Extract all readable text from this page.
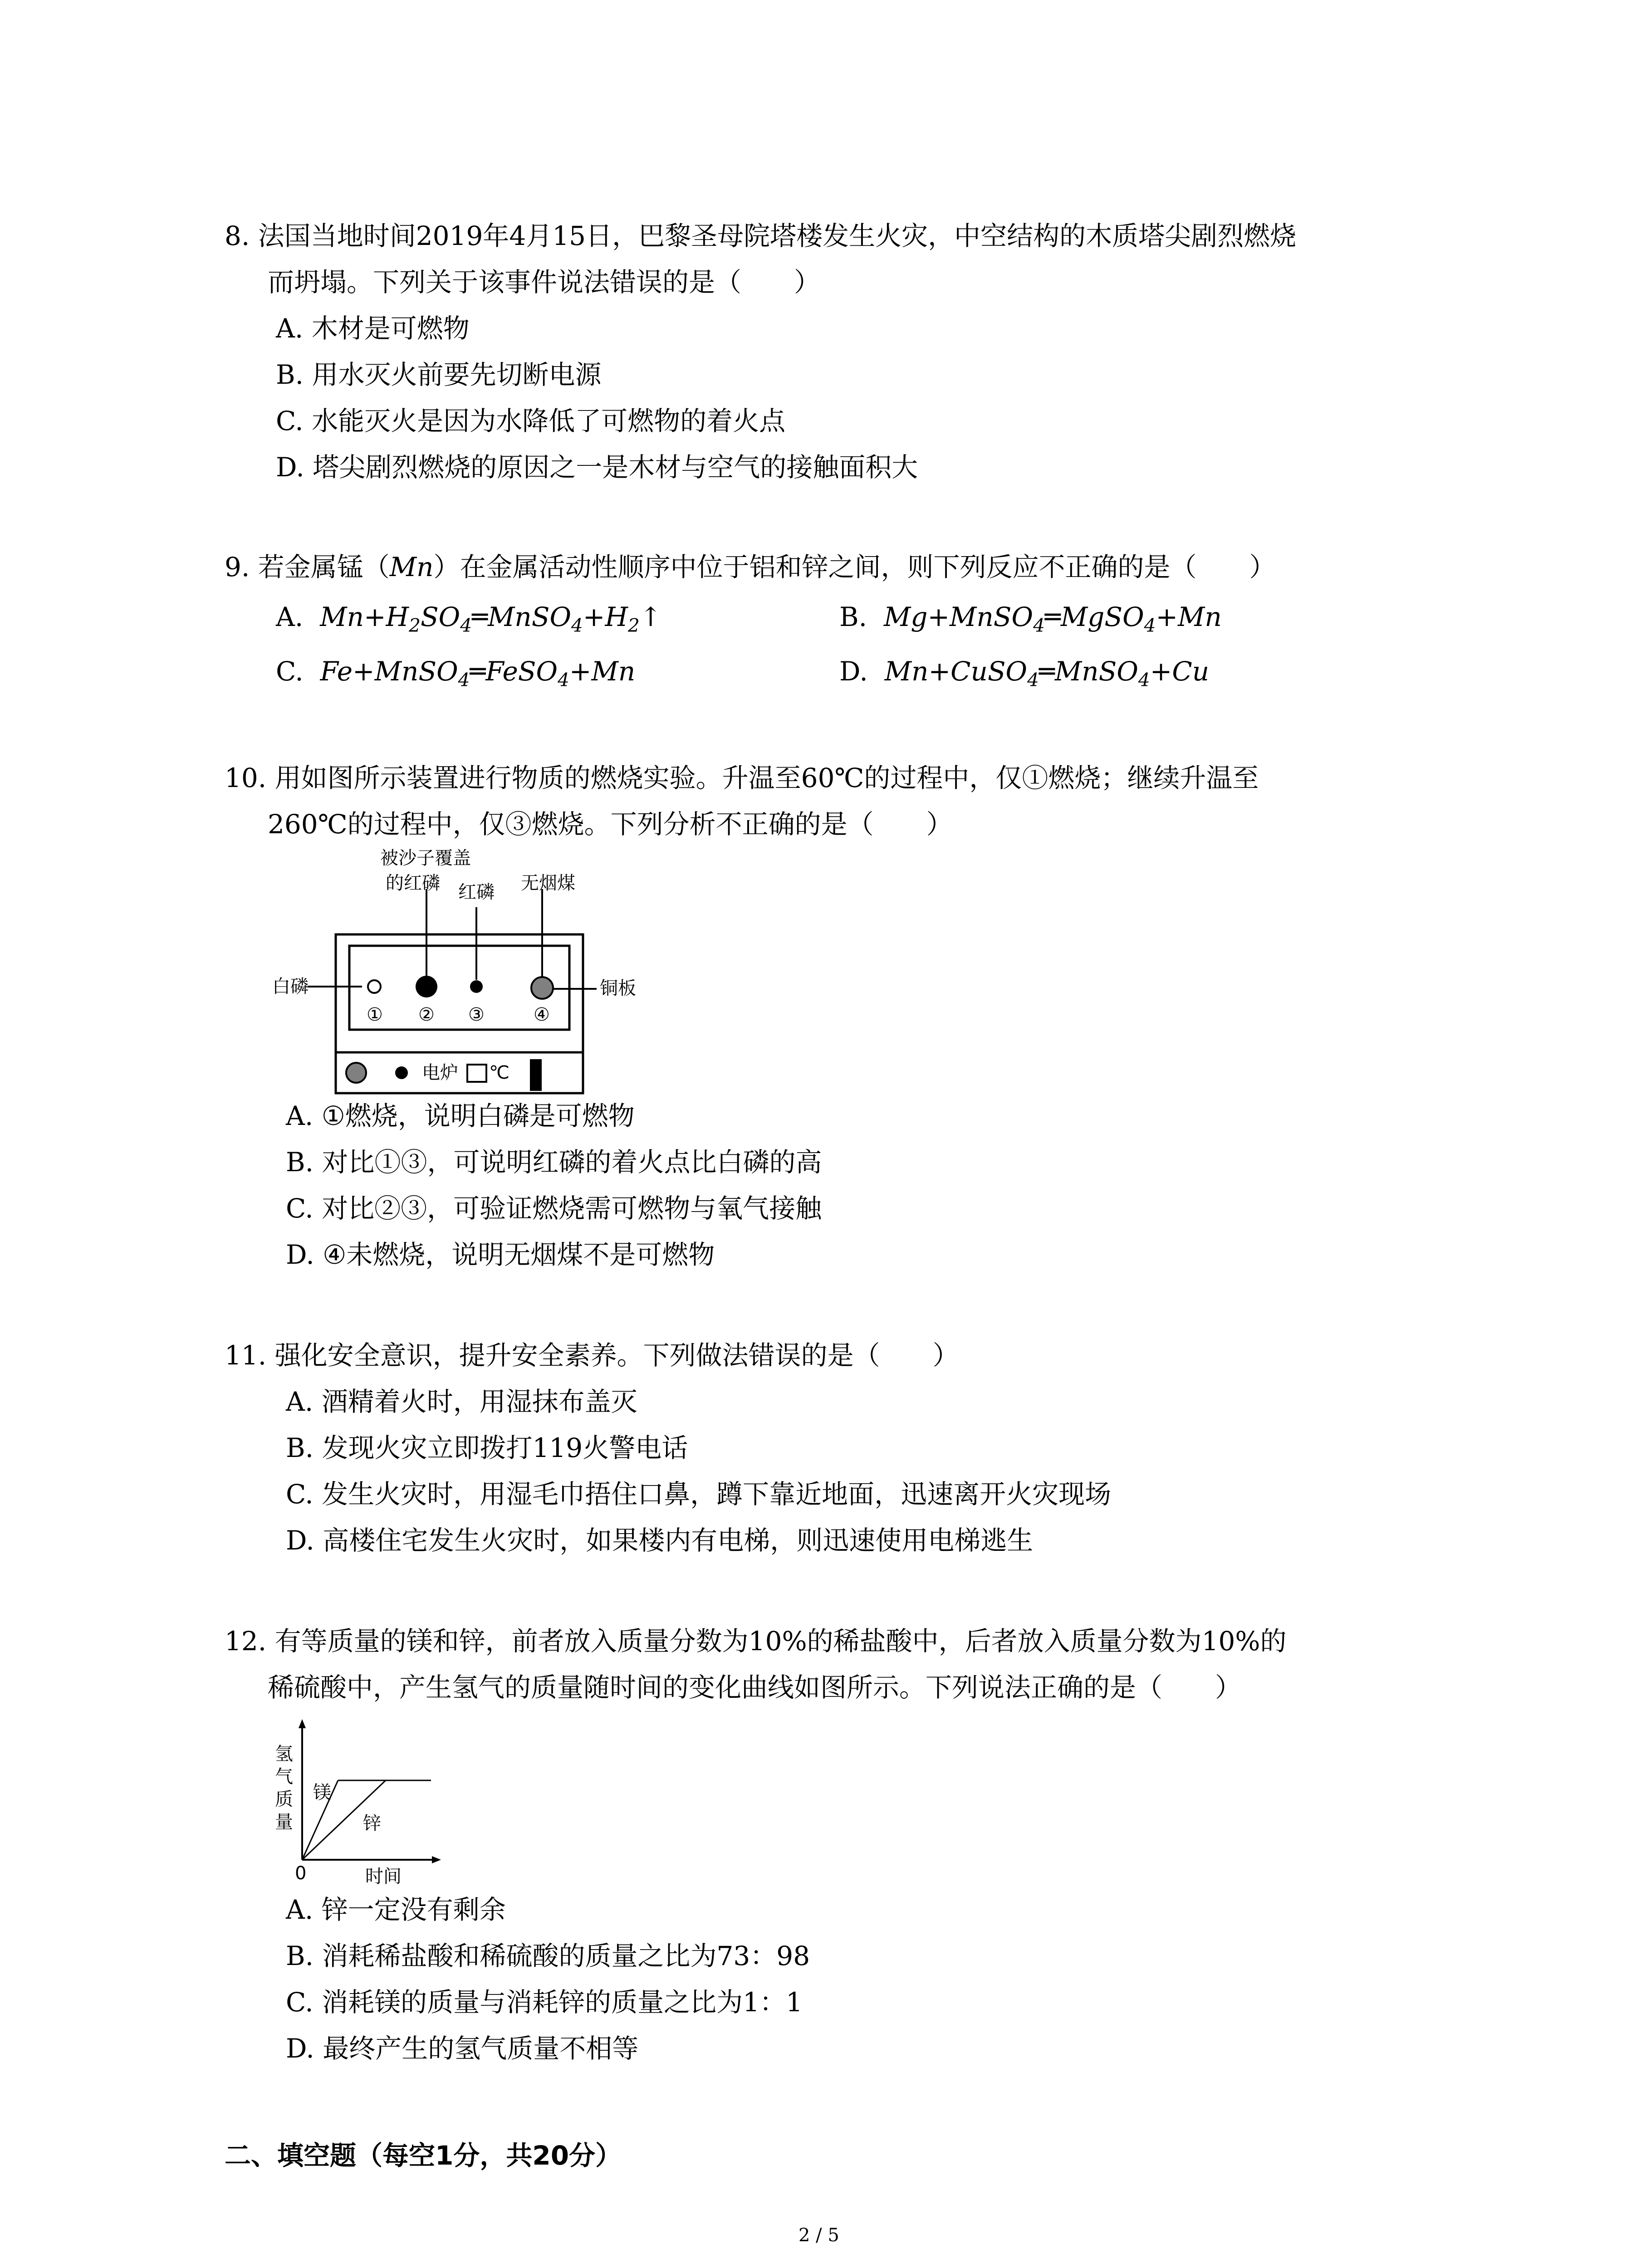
8. 法国当地时间2019年4月15日，巴黎圣母院塔楼发生火灾，中空结构的木质塔尖剧烈燃烧
而坍塌。下列关于该事件说法错误的是（　　）
A. 木材是可燃物
B. 用水灭火前要先切断电源
C. 水能灭火是因为水降低了可燃物的着火点
D. 塔尖剧烈燃烧的原因之一是木材与空气的接触面积大
9. 若金属锰（Mn）在金属活动性顺序中位于铝和锌之间，则下列反应不正确的是（　　）
A. $Mn+H_2SO_4═MnSO_4+H_2↑$	B. Mg+MnSO$_4$═MgSO$_4$+Mn
C. Fe+MnSO$_4$═FeSO$_4$+Mn	D. Mn+CuSO$_4$═MnSO$_4$+Cu
10. 用如图所示装置进行物质的燃烧实验。升温至60℃的过程中，仅①燃烧；继续升温至
260℃的过程中，仅③燃烧。下列分析不正确的是（　　）
被沙子覆盖
的红磷 红磷 无烟煤
白磷	铜板
① ② ③	④
电炉 ℃
A. ①燃烧，说明白磷是可燃物
B. 对比①③，可说明红磷的着火点比白磷的高
C. 对比②③，可验证燃烧需可燃物与氧气接触
D. ④未燃烧，说明无烟煤不是可燃物
11. 强化安全意识，提升安全素养。下列做法错误的是（　　）
A. 酒精着火时，用湿抹布盖灭
B. 发现火灾立即拨打119火警电话
C. 发生火灾时，用湿毛巾捂住口鼻，蹲下靠近地面，迅速离开火灾现场
D. 高楼住宅发生火灾时，如果楼内有电梯，则迅速使用电梯逃生
12. 有等质量的镁和锌，前者放入质量分数为10%的稀盐酸中，后者放入质量分数为10%的
稀硫酸中，产生氢气的质量随时间的变化曲线如图所示。下列说法正确的是（　　）
氢
气
质
量
镁
锌
0	时间
A. 锌一定没有剩余
B. 消耗稀盐酸和稀硫酸的质量之比为73：98
C. 消耗镁的质量与消耗锌的质量之比为1：1
D. 最终产生的氢气质量不相等
二、填空题（每空1分，共20分）
2 / 5
